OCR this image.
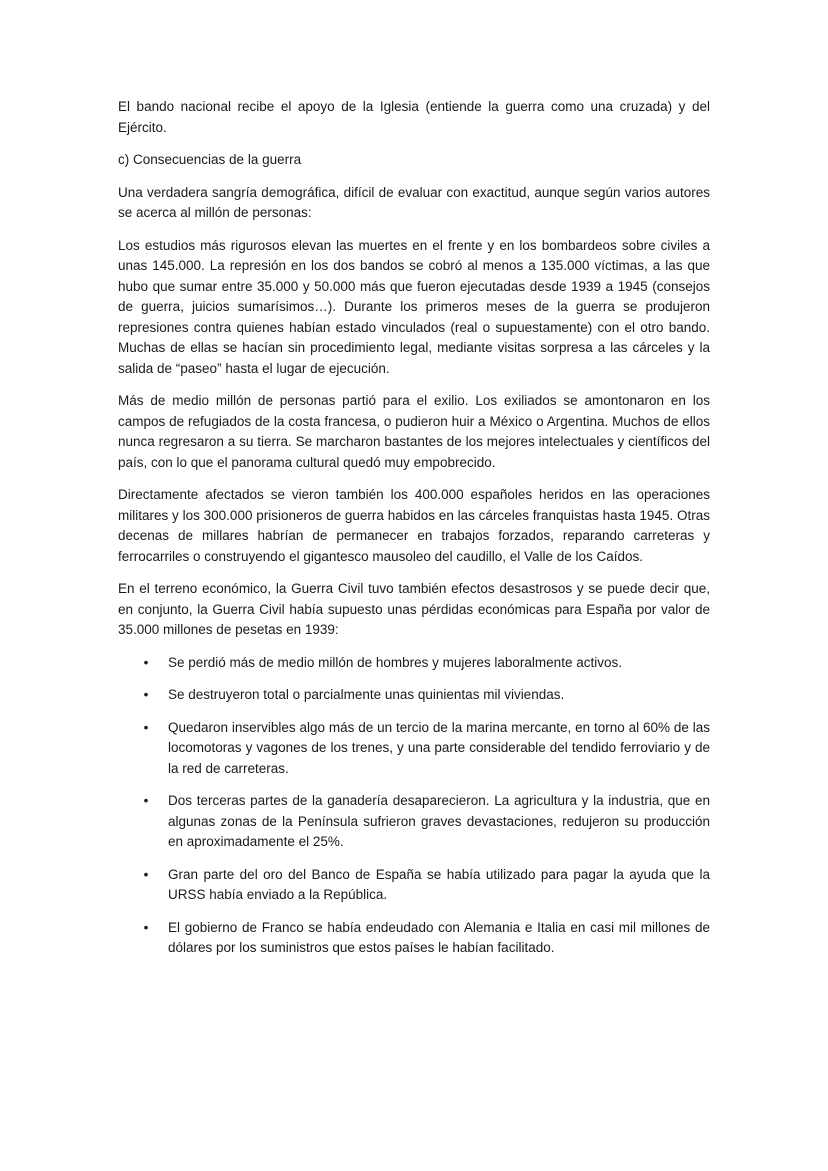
El bando nacional recibe el apoyo de la Iglesia (entiende la guerra como una cruzada) y del Ejército.

c) Consecuencias de la guerra

Una verdadera sangría demográfica, difícil de evaluar con exactitud, aunque según varios autores se acerca al millón de personas:

Los estudios más rigurosos elevan las muertes en el frente y en los bombardeos sobre civiles a unas 145.000. La represión en los dos bandos se cobró al menos a 135.000 víctimas, a las que hubo que sumar entre 35.000 y 50.000 más que fueron ejecutadas desde 1939 a 1945 (consejos de guerra, juicios sumarísimos…). Durante los primeros meses de la guerra se produjeron represiones contra quienes habían estado vinculados (real o supuestamente) con el otro bando. Muchas de ellas se hacían sin procedimiento legal, mediante visitas sorpresa a las cárceles y la salida de “paseo” hasta el lugar de ejecución.

Más de medio millón de personas partió para el exilio. Los exiliados se amontonaron en los campos de refugiados de la costa francesa, o pudieron huir a México o Argentina. Muchos de ellos nunca regresaron a su tierra. Se marcharon bastantes de los mejores intelectuales y científicos del país, con lo que el panorama cultural quedó muy empobrecido.

Directamente afectados se vieron también los 400.000 españoles heridos en las operaciones militares y los 300.000 prisioneros de guerra habidos en las cárceles franquistas hasta 1945. Otras decenas de millares habrían de permanecer en trabajos forzados, reparando carreteras y ferrocarriles o construyendo el gigantesco mausoleo del caudillo, el Valle de los Caídos.

En el terreno económico, la Guerra Civil tuvo también efectos desastrosos y se puede decir que, en conjunto, la Guerra Civil había supuesto unas pérdidas económicas para España por valor de 35.000 millones de pesetas en 1939:

• Se perdió más de medio millón de hombres y mujeres laboralmente activos.
• Se destruyeron total o parcialmente unas quinientas mil viviendas.
• Quedaron inservibles algo más de un tercio de la marina mercante, en torno al 60% de las locomotoras y vagones de los trenes, y una parte considerable del tendido ferroviario y de la red de carreteras.
• Dos terceras partes de la ganadería desaparecieron. La agricultura y la industria, que en algunas zonas de la Península sufrieron graves devastaciones, redujeron su producción en aproximadamente el 25%.
• Gran parte del oro del Banco de España se había utilizado para pagar la ayuda que la URSS había enviado a la República.
• El gobierno de Franco se había endeudado con Alemania e Italia en casi mil millones de dólares por los suministros que estos países le habían facilitado.
